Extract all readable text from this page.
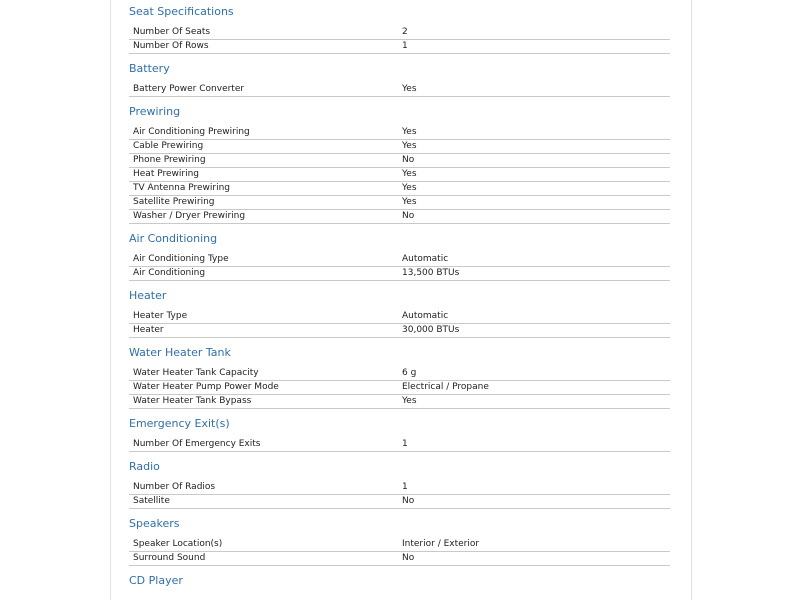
Seat Specifications
Number Of Seats	2
Number Of Rows	1
Battery
Battery Power Converter	Yes
Prewiring
Air Conditioning Prewiring	Yes
Cable Prewiring	Yes
Phone Prewiring	No
Heat Prewiring	Yes
TV Antenna Prewiring	Yes
Satellite Prewiring	Yes
Washer / Dryer Prewiring	No
Air Conditioning
Air Conditioning Type	Automatic
Air Conditioning	13,500 BTUs
Heater
Heater Type	Automatic
Heater	30,000 BTUs
Water Heater Tank
Water Heater Tank Capacity	6 g
Water Heater Pump Power Mode	Electrical / Propane
Water Heater Tank Bypass	Yes
Emergency Exit(s)
Number Of Emergency Exits	1
Radio
Number Of Radios	1
Satellite	No
Speakers
Speaker Location(s)	Interior / Exterior
Surround Sound	No
CD Player
